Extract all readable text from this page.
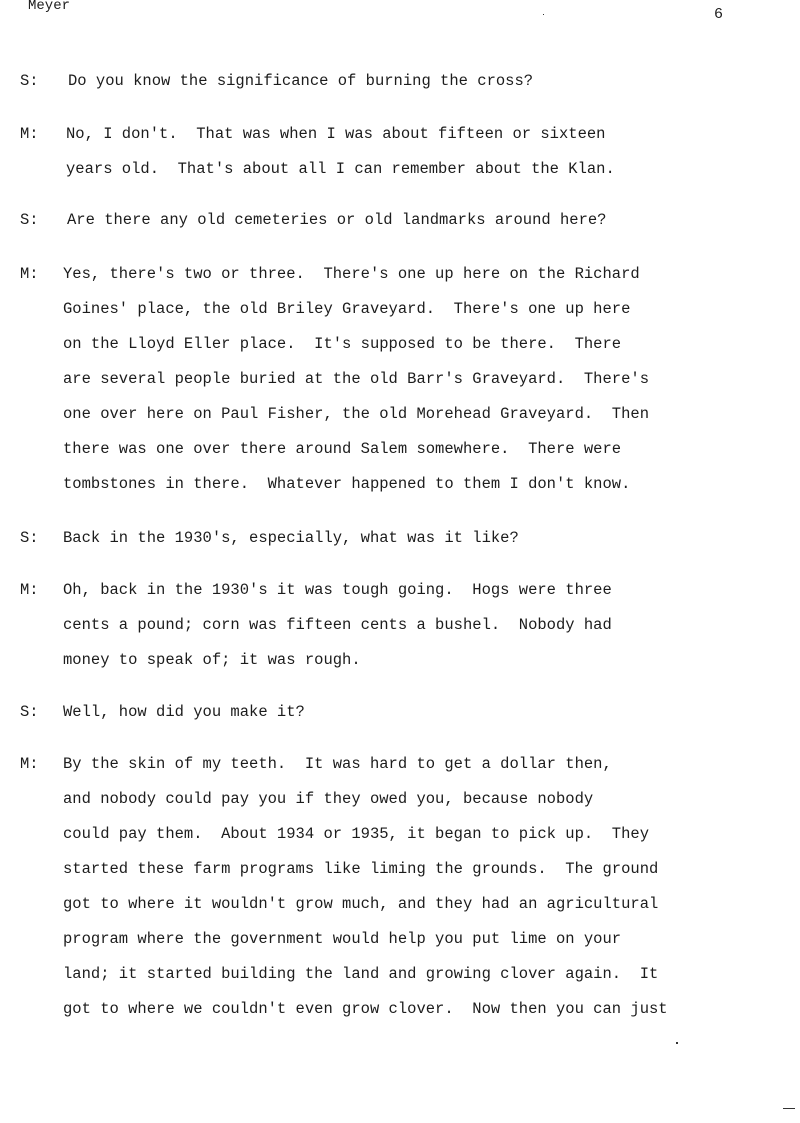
Meyer	6
S: Do you know the significance of burning the cross?
M: No, I don't.  That was when I was about fifteen or sixteen
years old.  That's about all I can remember about the Klan.
S: Are there any old cemeteries or old landmarks around here?
M: Yes, there's two or three.  There's one up here on the Richard
Goines' place, the old Briley Graveyard.  There's one up here
on the Lloyd Eller place.  It's supposed to be there.  There
are several people buried at the old Barr's Graveyard.  There's
one over here on Paul Fisher, the old Morehead Graveyard.  Then
there was one over there around Salem somewhere.  There were
tombstones in there.  Whatever happened to them I don't know.
S: Back in the 1930's, especially, what was it like?
M: Oh, back in the 1930's it was tough going.  Hogs were three
cents a pound; corn was fifteen cents a bushel.  Nobody had
money to speak of; it was rough.
S: Well, how did you make it?
M: By the skin of my teeth.  It was hard to get a dollar then,
and nobody could pay you if they owed you, because nobody
could pay them.  About 1934 or 1935, it began to pick up.  They
started these farm programs like liming the grounds.  The ground
got to where it wouldn't grow much, and they had an agricultural
program where the government would help you put lime on your
land; it started building the land and growing clover again.  It
got to where we couldn't even grow clover.  Now then you can just
